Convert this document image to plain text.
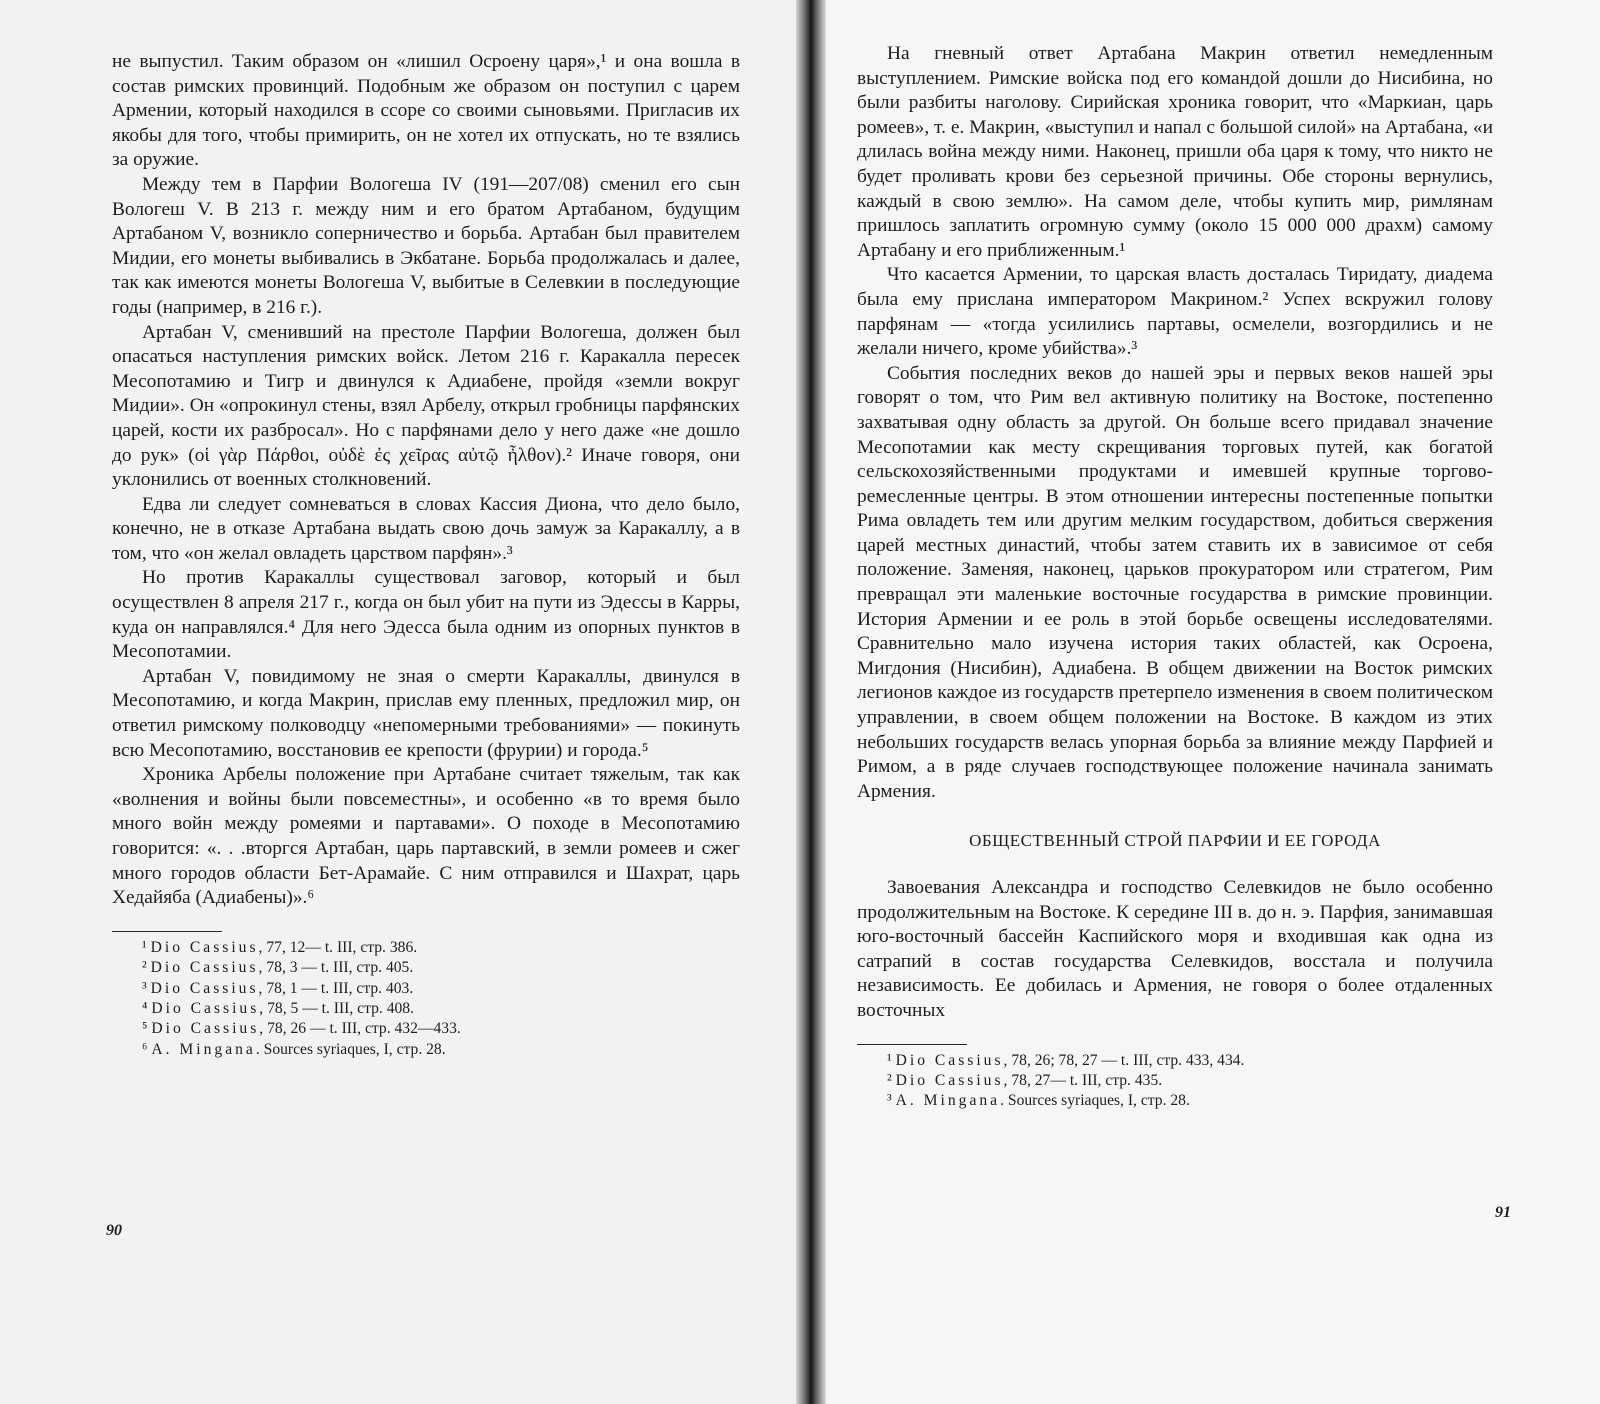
не выпустил. Таким образом он «лишил Осроену царя»,¹ и она вошла в состав римских провинций. Подобным же образом он поступил с царем Армении, который находился в ссоре со своими сыновьями. Пригласив их якобы для того, чтобы примирить, он не хотел их отпускать, но те взялись за оружие.

Между тем в Парфии Вологеша IV (191—207/08) сменил его сын Вологеш V. В 213 г. между ним и его братом Артабаном, будущим Артабаном V, возникло соперничество и борьба. Артабан был правителем Мидии, его монеты выбивались в Экбатане. Борьба продолжалась и далее, так как имеются монеты Вологеша V, выбитые в Селевкии в последующие годы (например, в 216 г.).

Артабан V, сменивший на престоле Парфии Вологеша, должен был опасаться наступления римских войск. Летом 216 г. Каракалла пересек Месопотамию и Тигр и двинулся к Адиабене, пройдя «земли вокруг Мидии». Он «опрокинул стены, взял Арбелу, открыл гробницы парфянских царей, кости их разбросал». Но с парфянами дело у него даже «не дошло до рук» (οἱ γὰρ Πάρθοι, οὐδὲ ἐς χεῖρας αὐτῷ ἦλθον).² Иначе говоря, они уклонились от военных столкновений.

Едва ли следует сомневаться в словах Кассия Диона, что дело было, конечно, не в отказе Артабана выдать свою дочь замуж за Каракаллу, а в том, что «он желал овладеть царством парфян».³

Но против Каракаллы существовал заговор, который и был осуществлен 8 апреля 217 г., когда он был убит на пути из Эдессы в Карры, куда он направлялся.⁴ Для него Эдесса была одним из опорных пунктов в Месопотамии.

Артабан V, повидимому не зная о смерти Каракаллы, двинулся в Месопотамию, и когда Макрин, прислав ему пленных, предложил мир, он ответил римскому полководцу «непомерными требованиями» — покинуть всю Месопотамию, восстановив ее крепости (фрурии) и города.⁵

Хроника Арбелы положение при Артабане считает тяжелым, так как «волнения и войны были повсеместны», и особенно «в то время было много войн между ромеями и партавами». О походе в Месопотамию говорится: «. . .вторгся Артабан, царь партавский, в земли ромеев и сжег много городов области Бет-Арамайе. С ним отправился и Шахрат, царь Хедайяба (Адиабены)».⁶

¹ Dio Cassius, 77, 12— t. III, стр. 386.
² Dio Cassius, 78, 3 — t. III, стр. 405.
³ Dio Cassius, 78, 1 — t. III, стр. 403.
⁴ Dio Cassius, 78, 5 — t. III, стр. 408.
⁵ Dio Cassius, 78, 26 — t. III, стр. 432—433.
⁶ A. Mingana. Sources syriaques, I, стр. 28.
90

На гневный ответ Артабана Макрин ответил немедленным выступлением. Римские войска под его командой дошли до Нисибина, но были разбиты наголову. Сирийская хроника говорит, что «Маркиан, царь ромеев», т. е. Макрин, «выступил и напал с большой силой» на Артабана, «и длилась война между ними. Наконец, пришли оба царя к тому, что никто не будет проливать крови без серьезной причины. Обе стороны вернулись, каждый в свою землю». На самом деле, чтобы купить мир, римлянам пришлось заплатить огромную сумму (около 15 000 000 драхм) самому Артабану и его приближенным.¹

Что касается Армении, то царская власть досталась Тиридату, диадема была ему прислана императором Макрином.² Успех вскружил голову парфянам — «тогда усилились партавы, осмелели, возгордились и не желали ничего, кроме убийства».³

События последних веков до нашей эры и первых веков нашей эры говорят о том, что Рим вел активную политику на Востоке, постепенно захватывая одну область за другой. Он больше всего придавал значение Месопотамии как месту скрещивания торговых путей, как богатой сельскохозяйственными продуктами и имевшей крупные торгово-ремесленные центры. В этом отношении интересны постепенные попытки Рима овладеть тем или другим мелким государством, добиться свержения царей местных династий, чтобы затем ставить их в зависимое от себя положение. Заменяя, наконец, царьков прокуратором или стратегом, Рим превращал эти маленькие восточные государства в римские провинции. История Армении и ее роль в этой борьбе освещены исследователями. Сравнительно мало изучена история таких областей, как Осроена, Мигдония (Нисибин), Адиабена. В общем движении на Восток римских легионов каждое из государств претерпело изменения в своем политическом управлении, в своем общем положении на Востоке. В каждом из этих небольших государств велась упорная борьба за влияние между Парфией и Римом, а в ряде случаев господствующее положение начинала занимать Армения.

ОБЩЕСТВЕННЫЙ СТРОЙ ПАРФИИ И ЕЕ ГОРОДА

Завоевания Александра и господство Селевкидов не было особенно продолжительным на Востоке. К середине III в. до н. э. Парфия, занимавшая юго-восточный бассейн Каспийского моря и входившая как одна из сатрапий в состав государства Селевкидов, восстала и получила независимость. Ее добилась и Армения, не говоря о более отдаленных восточных

¹ Dio Cassius, 78, 26; 78, 27 — t. III, стр. 433, 434.
² Dio Cassius, 78, 27— t. III, стр. 435.
³ A. Mingana. Sources syriaques, I, стр. 28.
91
